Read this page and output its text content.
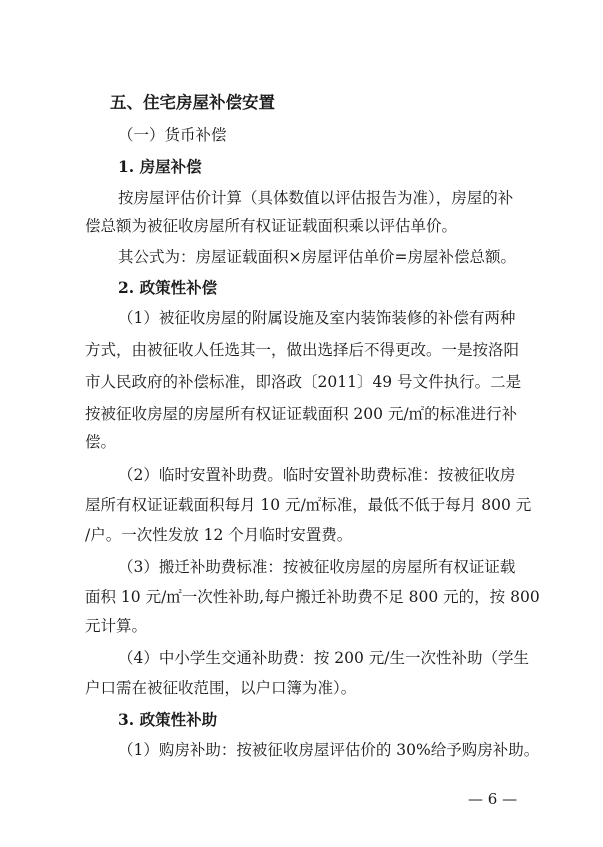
五、住宅房屋补偿安置
（一）货币补偿
1. 房屋补偿
按房屋评估价计算（具体数值以评估报告为准），房屋的补
偿总额为被征收房屋所有权证证载面积乘以评估单价。
其公式为：房屋证载面积×房屋评估单价=房屋补偿总额。
2. 政策性补偿
（1）被征收房屋的附属设施及室内装饰装修的补偿有两种
方式，由被征收人任选其一，做出选择后不得更改。一是按洛阳
市人民政府的补偿标准，即洛政〔2011〕49 号文件执行。二是
按被征收房屋的房屋所有权证证载面积 200 元/㎡的标准进行补
偿。
（2）临时安置补助费。临时安置补助费标准：按被征收房
屋所有权证证载面积每月 10 元/㎡标准，最低不低于每月 800 元
/户。一次性发放 12 个月临时安置费。
（3）搬迁补助费标准：按被征收房屋的房屋所有权证证载
面积 10 元/㎡一次性补助,每户搬迁补助费不足 800 元的，按 800
元计算。
（4）中小学生交通补助费：按 200 元/生一次性补助（学生
户口需在被征收范围，以户口簿为准）。
3. 政策性补助
（1）购房补助：按被征收房屋评估价的 30%给予购房补助。
— 6 —
